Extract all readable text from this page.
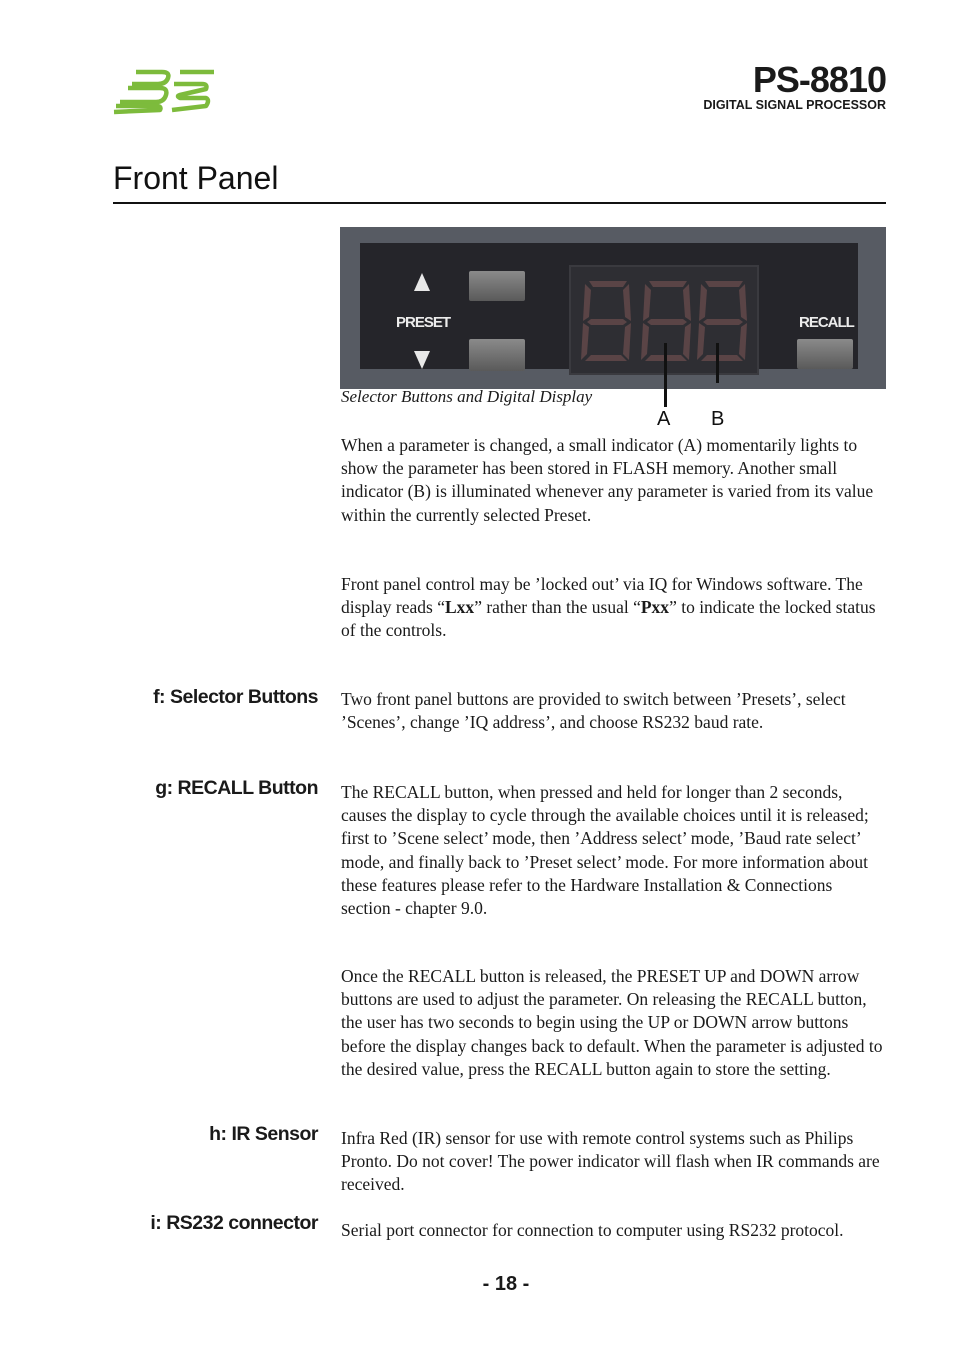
PS-8810
DIGITAL SIGNAL PROCESSOR
Front Panel
PRESET	RECALL
A B
Selector Buttons and Digital Display
When a parameter is changed, a small indicator (A) momentarily lights to show the parameter has been stored in FLASH memory. Another small indicator (B) is illuminated whenever any parameter is varied from its value within the currently selected Preset.
Front panel control may be ’locked out’ via IQ for Windows software. The display reads “Lxx” rather than the usual “Pxx” to indicate the locked status of the controls.
f: Selector Buttons Two front panel buttons are provided to switch between ’Presets’, select ’Scenes’, change ’IQ address’, and choose RS232 baud rate.
g: RECALL Button The RECALL button, when pressed and held for longer than 2 seconds, causes the display to cycle through the available choices until it is released; first to ’Scene select’ mode, then ’Address select’ mode, ’Baud rate select’ mode, and finally back to ’Preset select’ mode. For more information about these features please refer to the Hardware Installation & Connections section - chapter 9.0.
Once the RECALL button is released, the PRESET UP and DOWN arrow buttons are used to adjust the parameter. On releasing the RECALL button, the user has two seconds to begin using the UP or DOWN arrow buttons before the display changes back to default. When the parameter is adjusted to the desired value, press the RECALL button again to store the setting.
h: IR Sensor Infra Red (IR) sensor for use with remote control systems such as Philips Pronto. Do not cover! The power indicator will flash when IR commands are received.
i: RS232 connector Serial port connector for connection to computer using RS232 protocol.
- 18 -
